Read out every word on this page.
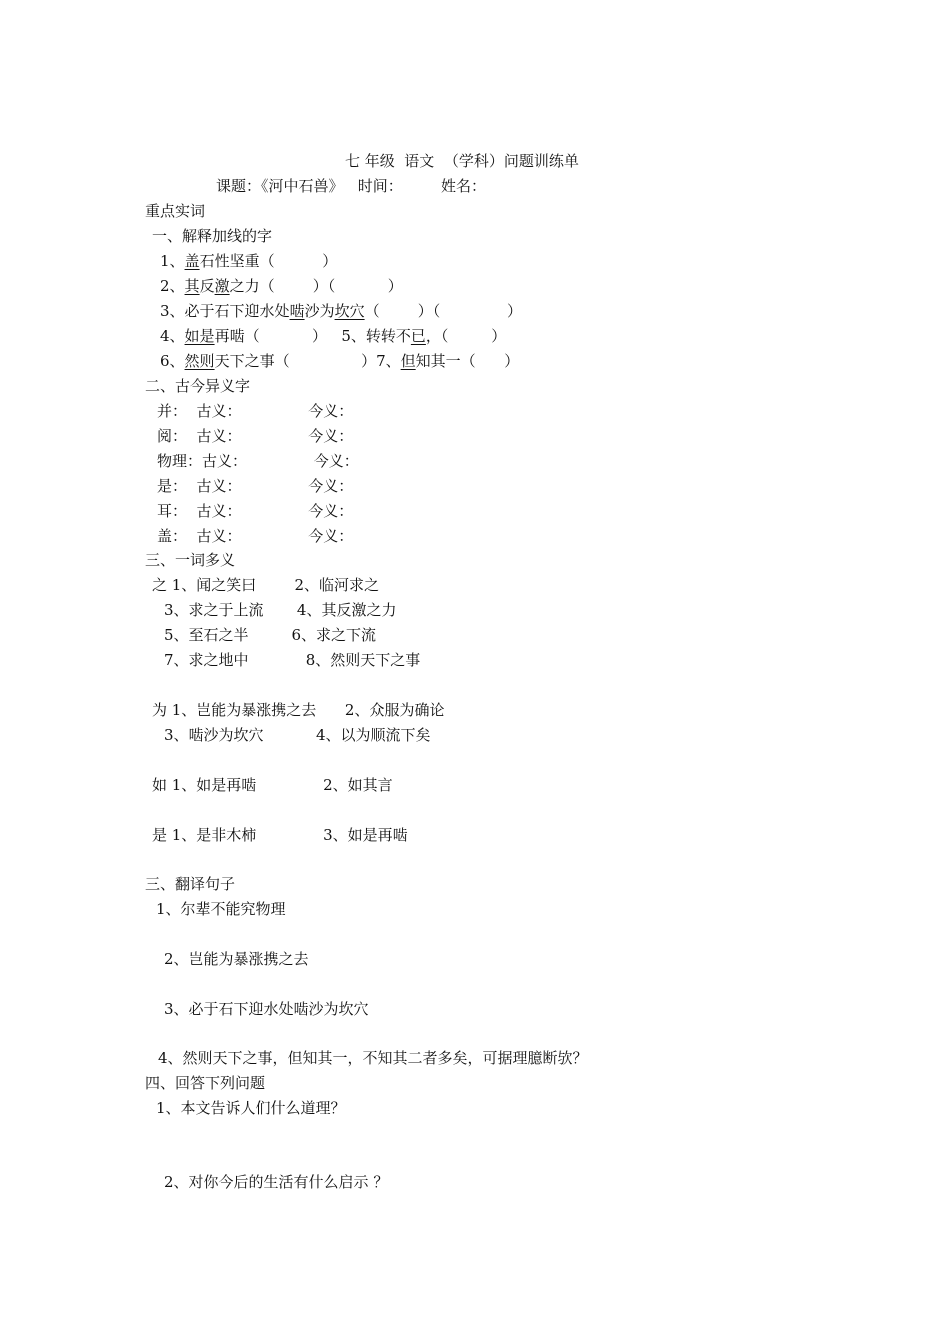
七 年级  语文  （学科）问题训练单
课题：《河中石兽》   时间：        姓名：
重点实词
一、解释加线的字
1、盖石性坚重（          ）
2、其反激之力（        ）（           ）
3、必于石下迎水处啮沙为坎穴（        ）（              ）
4、如是再啮（           ）   5、转转不已，（         ）
6、然则天下之事（               ）7、但知其一（      ）
二、古今异义字
并：  古义：              今义：
阅：  古义：              今义：
物理：古义：              今义：
是：  古义：              今义：
耳：  古义：              今义：
盖：  古义：              今义：
三、一词多义
之 1、闻之笑曰        2、临河求之
3、求之于上流       4、其反激之力
5、至石之半         6、求之下流
7、求之地中            8、然则天下之事
为 1、岂能为暴涨携之去      2、众服为确论
3、啮沙为坎穴           4、以为顺流下矣
如 1、如是再啮              2、如其言
是 1、是非木柿              3、如是再啮
三、翻译句子
1、尔辈不能究物理
2、岂能为暴涨携之去
3、必于石下迎水处啮沙为坎穴
4、然则天下之事，但知其一，不知其二者多矣，可据理臆断欤？
四、回答下列问题
1、本文告诉人们什么道理？
2、对你今后的生活有什么启示 ？
